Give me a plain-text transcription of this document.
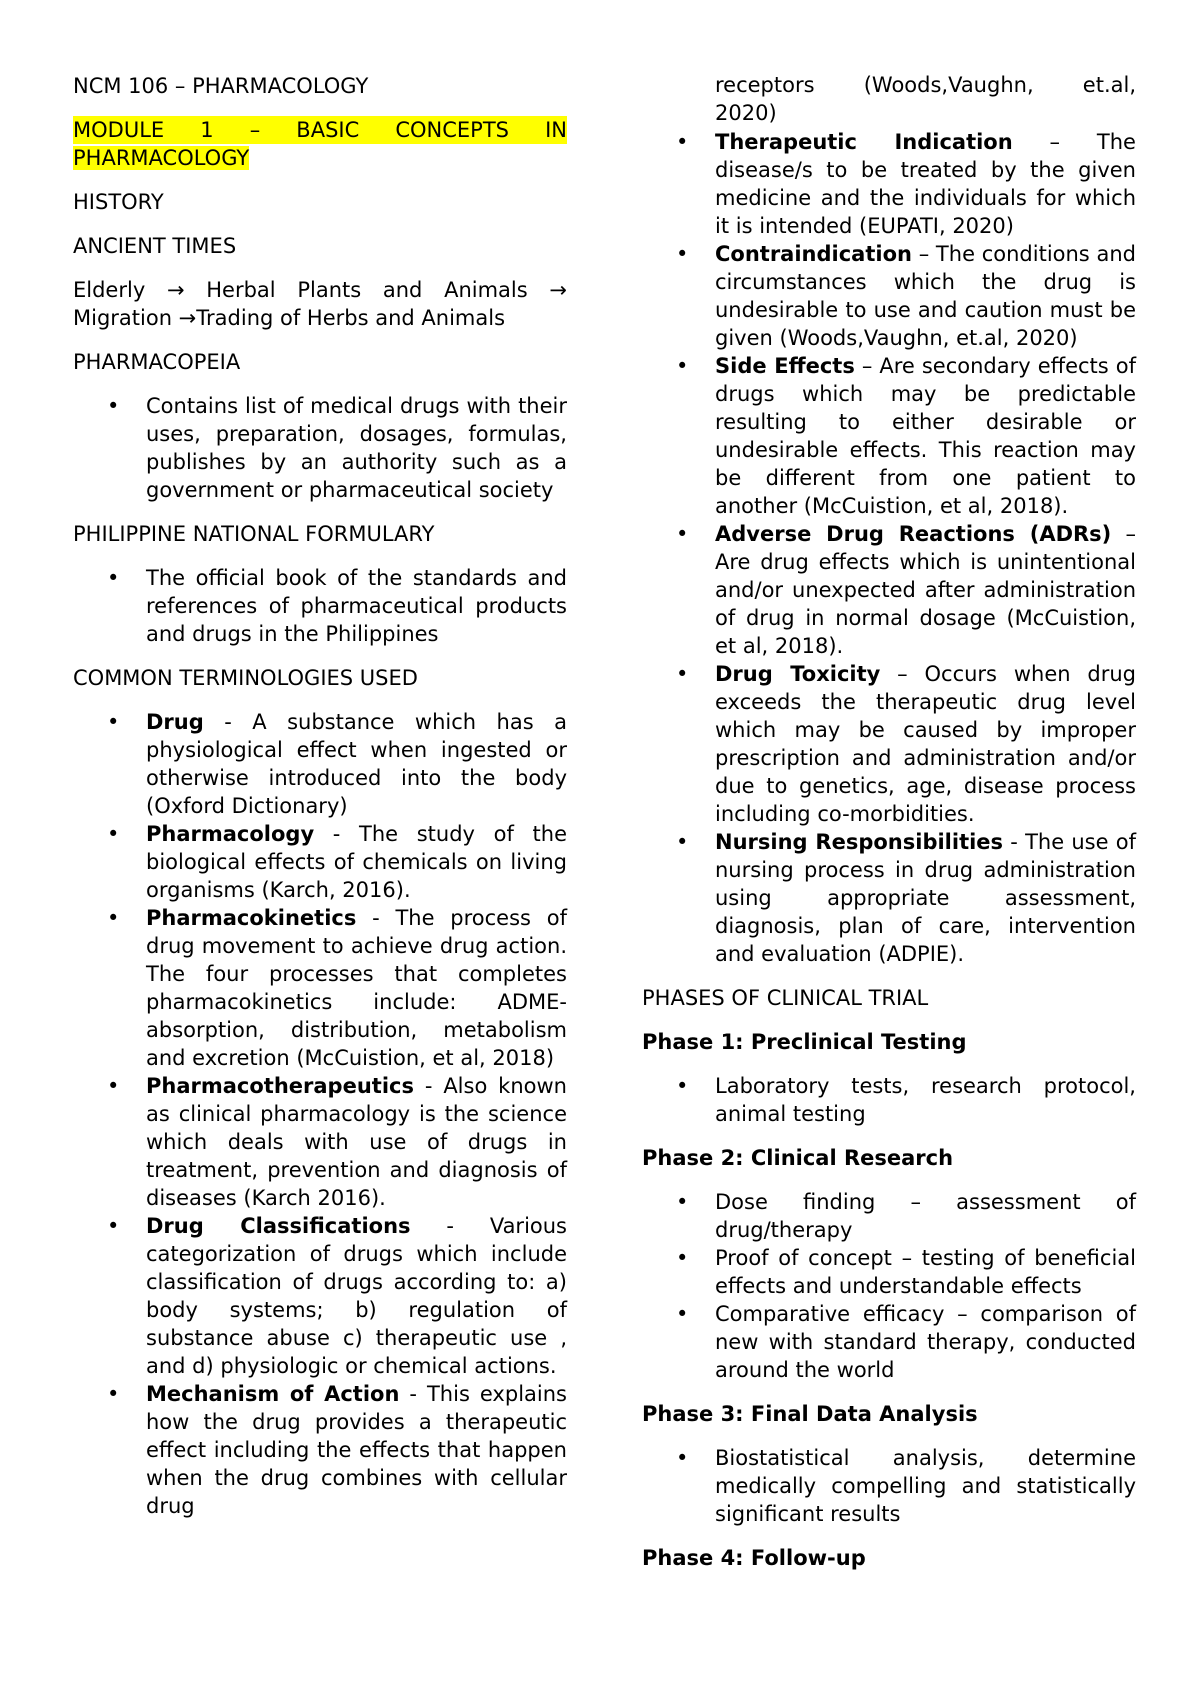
NCM 106 – PHARMACOLOGY
MODULE 1 – BASIC CONCEPTS IN
PHARMACOLOGY
HISTORY
ANCIENT TIMES

Elderly → Herbal Plants and Animals → Migration →Trading of Herbs and Animals

PHARMACOPEIA
• Contains list of medical drugs with their uses, preparation, dosages, formulas, publishes by an authority such as a government or pharmaceutical society
PHILIPPINE NATIONAL FORMULARY
• The official book of the standards and references of pharmaceutical products and drugs in the Philippines
COMMON TERMINOLOGIES USED
• Drug - A substance which has a physiological effect when ingested or otherwise introduced into the body (Oxford Dictionary)
• Pharmacology - The study of the biological effects of chemicals on living organisms (Karch, 2016).
• Pharmacokinetics - The process of drug movement to achieve drug action. The four processes that completes pharmacokinetics include: ADME-absorption, distribution, metabolism and excretion (McCuistion, et al, 2018)
• Pharmacotherapeutics - Also known as clinical pharmacology is the science which deals with use of drugs in treatment, prevention and diagnosis of diseases (Karch 2016).
• Drug Classifications - Various categorization of drugs which include classification of drugs according to: a) body systems; b) regulation of substance abuse c) therapeutic use , and d) physiologic or chemical actions.
• Mechanism of Action - This explains how the drug provides a therapeutic effect including the effects that happen when the drug combines with cellular drug
receptors (Woods,Vaughn, et.al,
2020)
• Therapeutic Indication – The disease/s to be treated by the given medicine and the individuals for which it is intended (EUPATI, 2020)
• Contraindication – The conditions and circumstances which the drug is undesirable to use and caution must be given (Woods,Vaughn, et.al, 2020)
• Side Effects – Are secondary effects of drugs which may be predictable resulting to either desirable or undesirable effects. This reaction may be different from one patient to another (McCuistion, et al, 2018).
• Adverse Drug Reactions (ADRs) – Are drug effects which is unintentional and/or unexpected after administration of drug in normal dosage (McCuistion, et al, 2018).
• Drug Toxicity – Occurs when drug exceeds the therapeutic drug level which may be caused by improper prescription and administration and/or due to genetics, age, disease process including co-morbidities.
• Nursing Responsibilities - The use of nursing process in drug administration using appropriate assessment, diagnosis, plan of care, intervention and evaluation (ADPIE).
PHASES OF CLINICAL TRIAL
Phase 1: Preclinical Testing
• Laboratory tests, research protocol, animal testing
Phase 2: Clinical Research
• Dose finding – assessment of drug/therapy
• Proof of concept – testing of beneficial effects and understandable effects
• Comparative efficacy – comparison of new with standard therapy, conducted around the world
Phase 3: Final Data Analysis
• Biostatistical analysis, determine medically compelling and statistically significant results
Phase 4: Follow-up
